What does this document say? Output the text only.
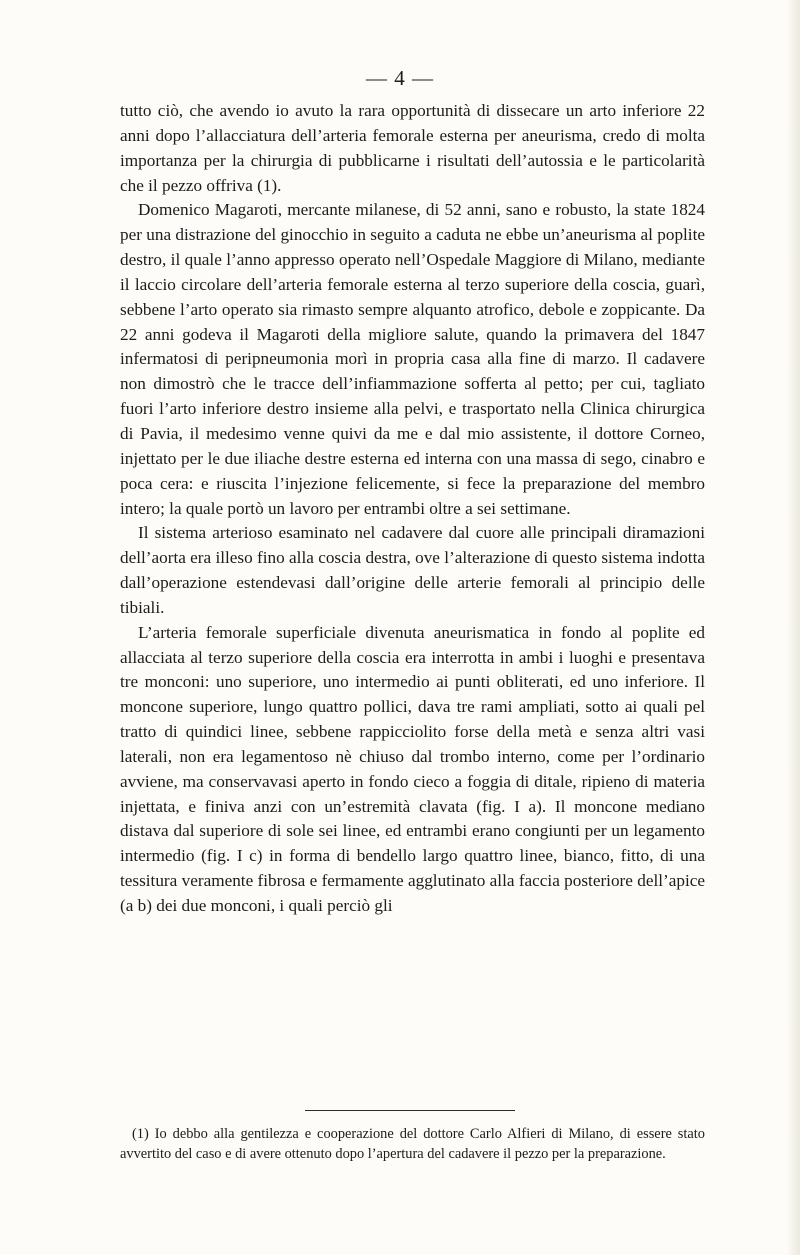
— 4 —

tutto ciò, che avendo io avuto la rara opportunità di dissecare un arto inferiore 22 anni dopo l’allacciatura dell’arteria femorale esterna per aneurisma, credo di molta importanza per la chirurgia di pubblicarne i risultati dell’autossia e le particolarità che il pezzo offriva (1).

Domenico Magaroti, mercante milanese, di 52 anni, sano e robusto, la state 1824 per una distrazione del ginocchio in seguito a caduta ne ebbe un’aneurisma al poplite destro, il quale l’anno appresso operato nell’Ospedale Maggiore di Milano, mediante il laccio circolare dell’arteria femorale esterna al terzo superiore della coscia, guarì, sebbene l’arto operato sia rimasto sempre alquanto atrofico, debole e zoppicante. Da 22 anni godeva il Magaroti della migliore salute, quando la primavera del 1847 infermatosi di peripneumonia morì in propria casa alla fine di marzo. Il cadavere non dimostrò che le tracce dell’infiammazione sofferta al petto; per cui, tagliato fuori l’arto inferiore destro insieme alla pelvi, e trasportato nella Clinica chirurgica di Pavia, il medesimo venne quivi da me e dal mio assistente, il dottore Corneo, injettato per le due iliache destre esterna ed interna con una massa di sego, cinabro e poca cera: e riuscita l’injezione felicemente, si fece la preparazione del membro intero; la quale portò un lavoro per entrambi oltre a sei settimane.

Il sistema arterioso esaminato nel cadavere dal cuore alle principali diramazioni dell’aorta era illeso fino alla coscia destra, ove l’alterazione di questo sistema indotta dall’operazione estendevasi dall’origine delle arterie femorali al principio delle tibiali.

L’arteria femorale superficiale divenuta aneurismatica in fondo al poplite ed allacciata al terzo superiore della coscia era interrotta in ambi i luoghi e presentava tre monconi: uno superiore, uno intermedio ai punti obliterati, ed uno inferiore. Il moncone superiore, lungo quattro pollici, dava tre rami ampliati, sotto ai quali pel tratto di quindici linee, sebbene rappicciolito forse della metà e senza altri vasi laterali, non era legamentoso nè chiuso dal trombo interno, come per l’ordinario avviene, ma conservavasi aperto in fondo cieco a foggia di ditale, ripieno di materia injettata, e finiva anzi con un’estremità clavata (fig. I a). Il moncone mediano distava dal superiore di sole sei linee, ed entrambi erano congiunti per un legamento intermedio (fig. I c) in forma di bendello largo quattro linee, bianco, fitto, di una tessitura veramente fibrosa e fermamente agglutinato alla faccia posteriore dell’apice (a b) dei due monconi, i quali perciò gli

(1) Io debbo alla gentilezza e cooperazione del dottore Carlo Alfieri di Milano, di essere stato avvertito del caso e di avere ottenuto dopo l’apertura del cadavere il pezzo per la preparazione.
